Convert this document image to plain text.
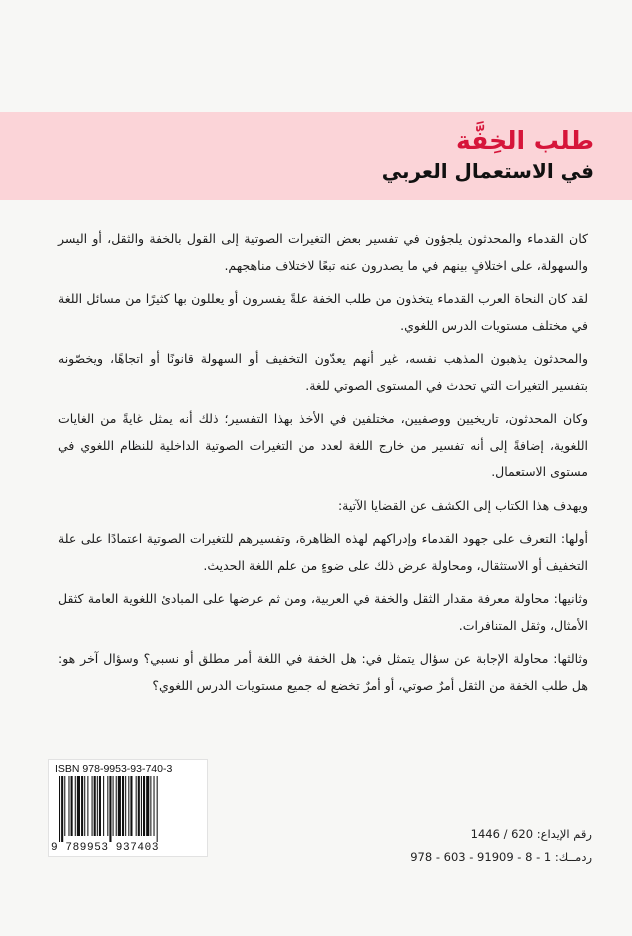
طلب الخِفَّة
في الاستعمال العربي

كان القدماء والمحدثون يلجؤون في تفسير بعض التغيرات الصوتية إلى القول بالخفة والثقل، أو اليسر والسهولة، على اختلافٍ بينهم في ما يصدرون عنه تبعًا لاختلاف مناهجهم.

لقد كان النحاة العرب القدماء يتخذون من طلب الخفة علةً يفسرون أو يعللون بها كثيرًا من مسائل اللغة في مختلف مستويات الدرس اللغوي.

والمحدثون يذهبون المذهب نفسه، غير أنهم يعدّون التخفيف أو السهولة قانونًا أو اتجاهًا، ويخصّونه بتفسير التغيرات التي تحدث في المستوى الصوتي للغة.

وكان المحدثون، تاريخيين ووصفيين، مختلفين في الأخذ بهذا التفسير؛ ذلك أنه يمثل غايةً من الغايات اللغوية، إضافةً إلى أنه تفسير من خارج اللغة لعدد من التغيرات الصوتية الداخلية للنظام اللغوي في مستوى الاستعمال.

ويهدف هذا الكتاب إلى الكشف عن القضايا الآتية:

أولها: التعرف على جهود القدماء وإدراكهم لهذه الظاهرة، وتفسيرهم للتغيرات الصوتية اعتمادًا على علة التخفيف أو الاستثقال، ومحاولة عرض ذلك على ضوءٍ من علم اللغة الحديث.

وثانيها: محاولة معرفة مقدار الثقل والخفة في العربية، ومن ثم عرضها على المبادئ اللغوية العامة كثقل الأمثال، وثقل المتنافرات.

وثالثها: محاولة الإجابة عن سؤال يتمثل في: هل الخفة في اللغة أمر مطلق أو نسبي؟ وسؤال آخر هو: هل طلب الخفة من الثقل أمرٌ صوتي، أو أمرٌ تخضع له جميع مستويات الدرس اللغوي؟

ISBN 978-9953-93-740-3
9 789953 937403
رقم الإيداع: 1446 / 620
ردمــك: 978 - 603 - 91909 - 8 - 1
